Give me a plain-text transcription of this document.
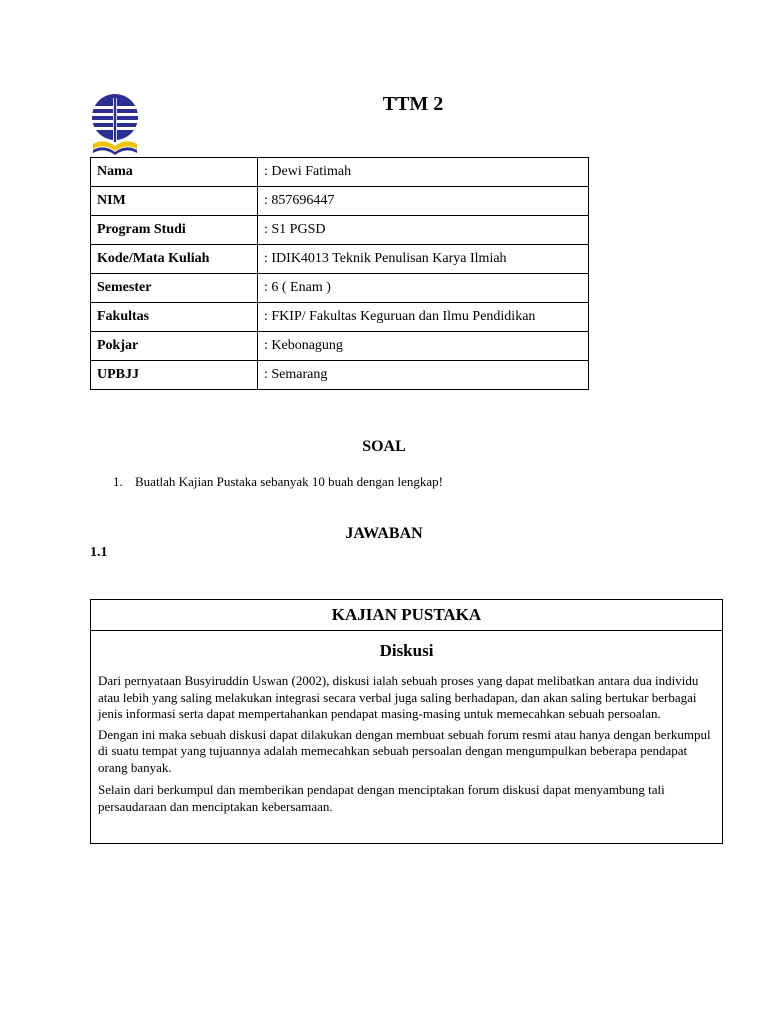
TTM 2
Nama	: Dewi Fatimah
NIM	: 857696447
Program Studi	: S1 PGSD
Kode/Mata Kuliah	: IDIK4013 Teknik Penulisan Karya Ilmiah
Semester	: 6 ( Enam )
Fakultas	: FKIP/ Fakultas Keguruan dan Ilmu Pendidikan
Pokjar	: Kebonagung
UPBJJ	: Semarang
SOAL
1. Buatlah Kajian Pustaka sebanyak 10 buah dengan lengkap!
JAWABAN
1.1
KAJIAN PUSTAKA
Diskusi

Dari pernyataan Busyiruddin Uswan (2002), diskusi ialah sebuah proses yang dapat melibatkan antara dua individu atau lebih yang saling melakukan integrasi secara verbal juga saling berhadapan, dan akan saling bertukar berbagai jenis informasi serta dapat mempertahankan pendapat masing-masing untuk memecahkan sebuah persoalan.

Dengan ini maka sebuah diskusi dapat dilakukan dengan membuat sebuah forum resmi atau hanya dengan berkumpul di suatu tempat yang tujuannya adalah memecahkan sebuah persoalan dengan mengumpulkan beberapa pendapat orang banyak.

Selain dari berkumpul dan memberikan pendapat dengan menciptakan forum diskusi dapat menyambung tali persaudaraan dan menciptakan kebersamaan.
